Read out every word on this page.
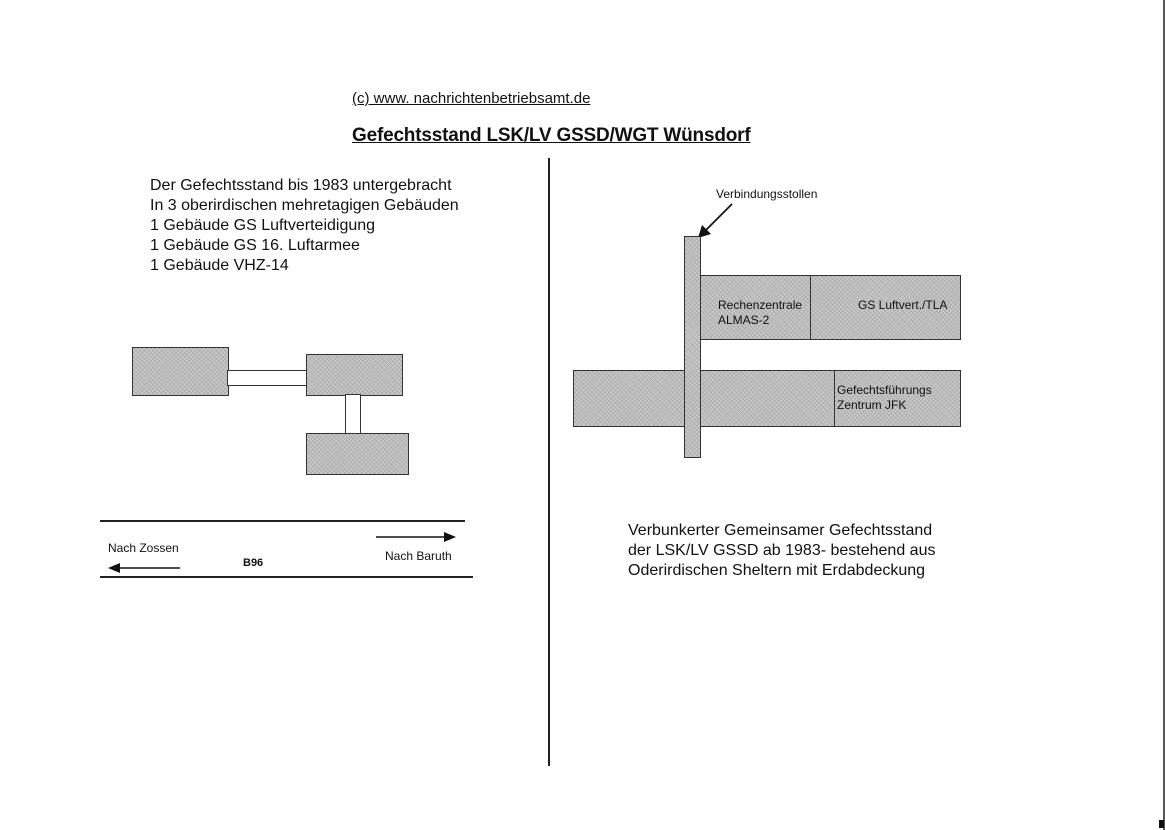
(c) www. nachrichtenbetriebsamt.de
Gefechtsstand LSK/LV GSSD/WGT Wünsdorf
Der Gefechtsstand bis 1983 untergebracht
In 3 oberirdischen mehretagigen Gebäuden
1 Gebäude GS Luftverteidigung
1 Gebäude GS 16. Luftarmee
1 Gebäude VHZ-14
Nach Zossen
Nach Baruth
B96
Verbindungsstollen
Rechenzentrale
ALMAS-2
GS Luftvert./TLA
Gefechtsführungs
Zentrum JFK
Verbunkerter Gemeinsamer Gefechtsstand
der LSK/LV GSSD ab 1983- bestehend aus
Oderirdischen Sheltern mit Erdabdeckung
